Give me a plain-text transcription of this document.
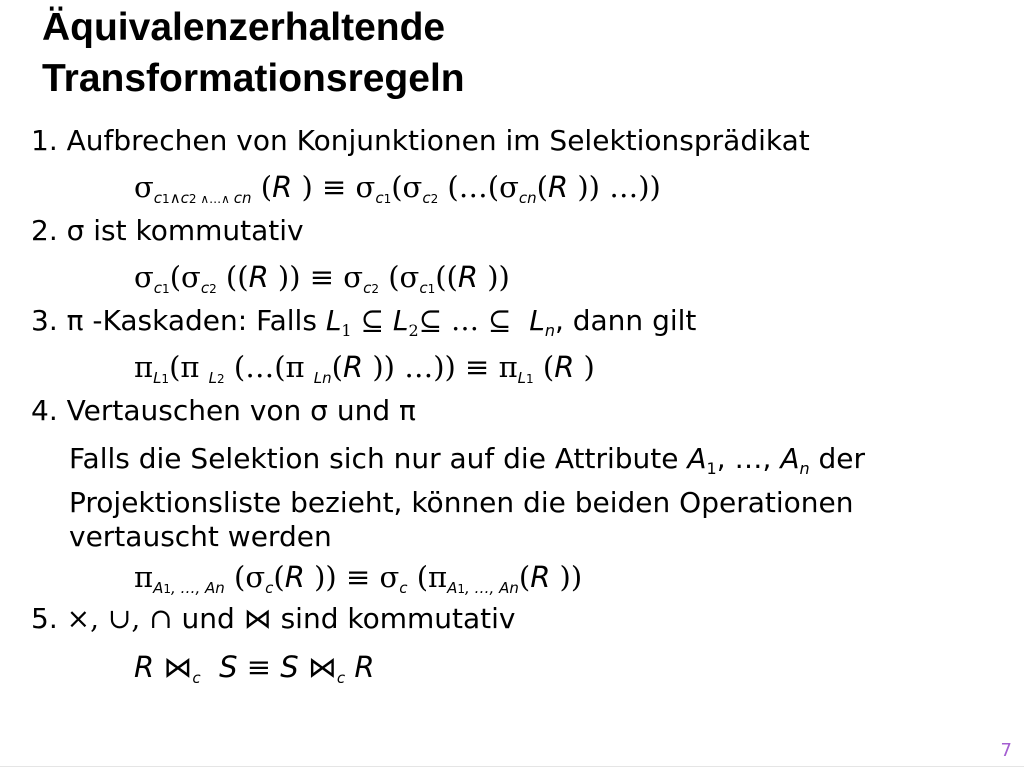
Äquivalenzerhaltende
Transformationsregeln
1. Aufbrechen von Konjunktionen im Selektionsprädikat
$\sigma_{c1\wedge c2 \wedge\dots\wedge}$ $_{cn}$ (R ) ≡ $\sigma_{c1}(\sigma_{c2}$ ($\dots(\sigma_{cn}(R$ )) …))
2. σ ist kommutativ
$\sigma_{c1}(\sigma_{c2}$ ((R )) ≡ $\sigma_{c2}$ ($\sigma_{c1}((R$ ))
3. π -Kaskaden: Falls $L_1$ ⊆ $L_2⊆$ … ⊆  $L_n$, dann gilt
$\pi_{L1}(\pi$ $_{L2}$ (…(π $_{Ln}$(R )) …)) ≡ $\pi_{L1}$ (R )
4. Vertauschen von σ und π
Falls die Selektion sich nur auf die Attribute $A_1$, …, $A_n$ der Projektionsliste bezieht, können die beiden Operationen vertauscht werden
$\pi_{A1, \dots, An}$ ($\sigma_c(R$ )) ≡ $\sigma_c$ ($\pi_{A1, \dots, An}(R$ ))
5. ×, ∪, ∩ und ⋈ sind kommutativ
R $⋈_c$ S ≡ S $⋈_c$ R
7
